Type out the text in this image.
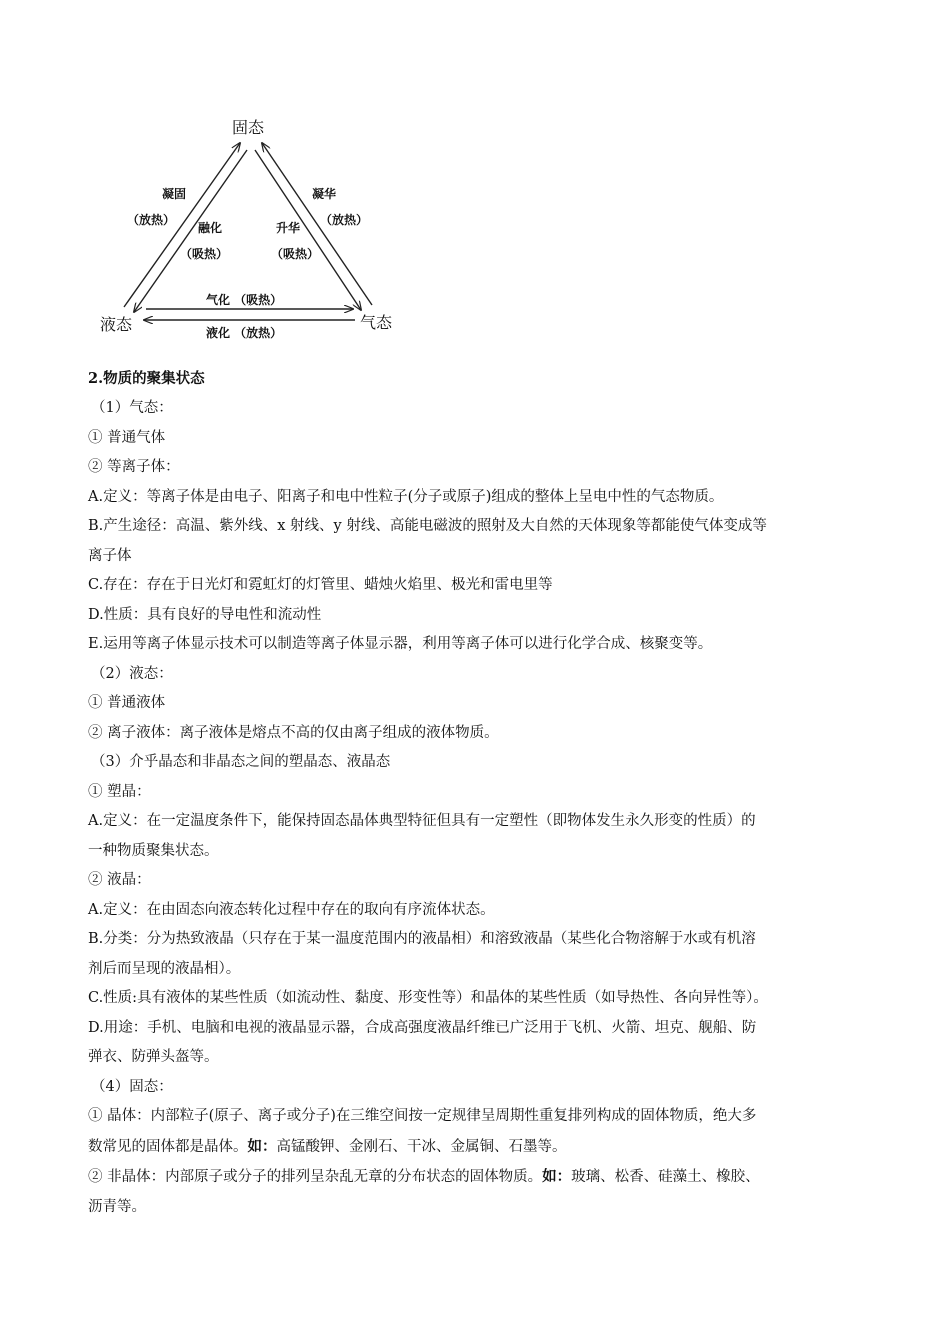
固态
液态	气态
凝固
（放热）
融化
（吸热）
凝华
（放热）
升华
（吸热）
气化 （吸热）
液化 （放热）
2.物质的聚集状态
（1）气态：
① 普通气体
② 等离子体：
A.定义：等离子体是由电子、阳离子和电中性粒子(分子或原子)组成的整体上呈电中性的气态物质。
B.产生途径：高温、紫外线、x 射线、y 射线、高能电磁波的照射及大自然的天体现象等都能使气体变成等
离子体
C.存在：存在于日光灯和霓虹灯的灯管里、蜡烛火焰里、极光和雷电里等
D.性质：具有良好的导电性和流动性
E.运用等离子体显示技术可以制造等离子体显示器，利用等离子体可以进行化学合成、核聚变等。
（2）液态：
① 普通液体
② 离子液体：离子液体是熔点不高的仅由离子组成的液体物质。
（3）介乎晶态和非晶态之间的塑晶态、液晶态
① 塑晶：
A.定义：在一定温度条件下，能保持固态晶体典型特征但具有一定塑性（即物体发生永久形变的性质）的
一种物质聚集状态。
② 液晶：
A.定义：在由固态向液态转化过程中存在的取向有序流体状态。
B.分类：分为热致液晶（只存在于某一温度范围内的液晶相）和溶致液晶（某些化合物溶解于水或有机溶
剂后而呈现的液晶相）。
C.性质:具有液体的某些性质（如流动性、黏度、形变性等）和晶体的某些性质（如导热性、各向异性等）。
D.用途：手机、电脑和电视的液晶显示器，合成高强度液晶纤维已广泛用于飞机、火箭、坦克、舰船、防
弹衣、防弹头盔等。
（4）固态：
① 晶体：内部粒子(原子、离子或分子)在三维空间按一定规律呈周期性重复排列构成的固体物质，绝大多
数常见的固体都是晶体。如：高锰酸钾、金刚石、干冰、金属铜、石墨等。
② 非晶体：内部原子或分子的排列呈杂乱无章的分布状态的固体物质。如：玻璃、松香、硅藻土、橡胶、
沥青等。
